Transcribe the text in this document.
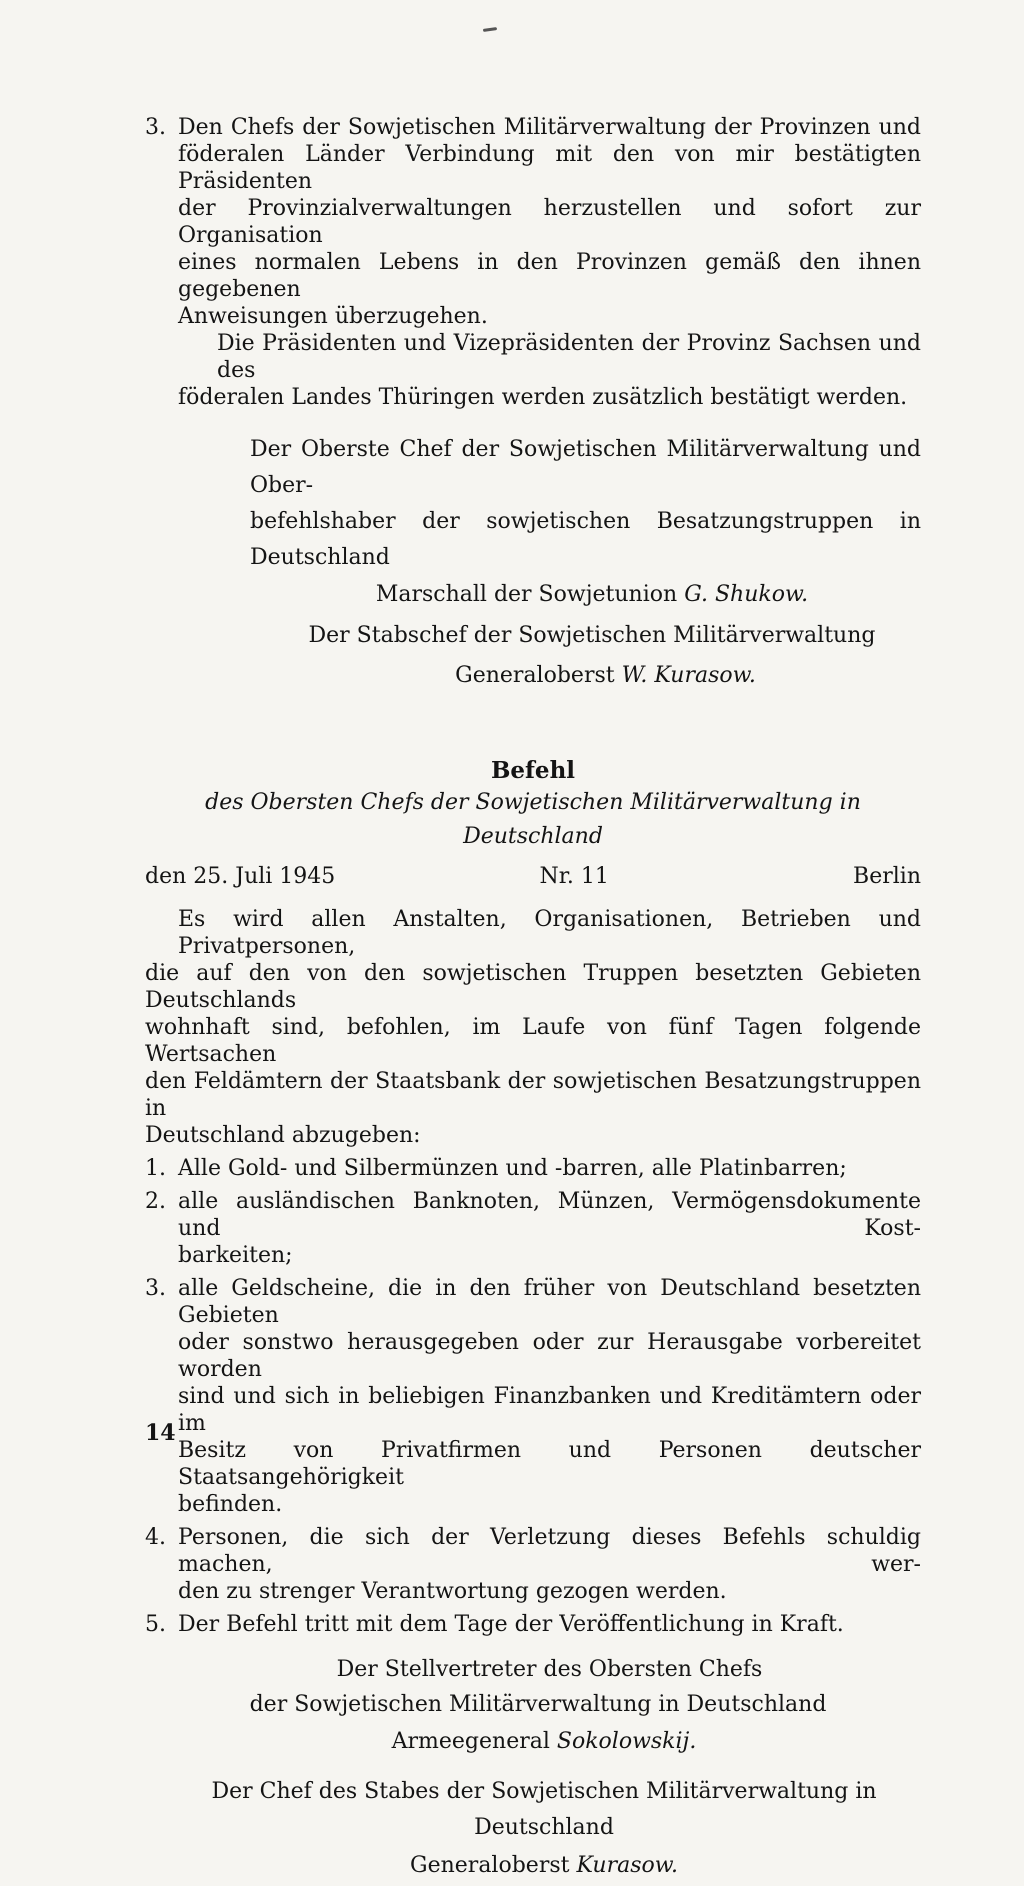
3. Den Chefs der Sowjetischen Militärverwaltung der Provinzen und
föderalen Länder Verbindung mit den von mir bestätigten Präsidenten
der Provinzialverwaltungen herzustellen und sofort zur Organisation
eines normalen Lebens in den Provinzen gemäß den ihnen gegebenen
Anweisungen überzugehen.
Die Präsidenten und Vizepräsidenten der Provinz Sachsen und des
föderalen Landes Thüringen werden zusätzlich bestätigt werden.
Der Oberste Chef der Sowjetischen Militärverwaltung und Ober-
befehlshaber der sowjetischen Besatzungstruppen in Deutschland
Marschall der Sowjetunion G. Shukow.
Der Stabschef der Sowjetischen Militärverwaltung
Generaloberst W. Kurasow.
Befehl
des Obersten Chefs der Sowjetischen Militärverwaltung in Deutschland
den 25. Juli 1945	Nr. 11	Berlin
Es wird allen Anstalten, Organisationen, Betrieben und Privatpersonen,
die auf den von den sowjetischen Truppen besetzten Gebieten Deutschlands
wohnhaft sind, befohlen, im Laufe von fünf Tagen folgende Wertsachen
den Feldämtern der Staatsbank der sowjetischen Besatzungstruppen in
Deutschland abzugeben:
1. Alle Gold- und Silbermünzen und -barren, alle Platinbarren;
2. alle ausländischen Banknoten, Münzen, Vermögensdokumente und Kost-
barkeiten;
3. alle Geldscheine, die in den früher von Deutschland besetzten Gebieten
oder sonstwo herausgegeben oder zur Herausgabe vorbereitet worden
sind und sich in beliebigen Finanzbanken und Kreditämtern oder im
Besitz von Privatfirmen und Personen deutscher Staatsangehörigkeit
befinden.
4. Personen, die sich der Verletzung dieses Befehls schuldig machen, wer-
den zu strenger Verantwortung gezogen werden.
5. Der Befehl tritt mit dem Tage der Veröffentlichung in Kraft.
Der Stellvertreter des Obersten Chefs
der Sowjetischen Militärverwaltung in Deutschland
Armeegeneral Sokolowskij.
Der Chef des Stabes der Sowjetischen Militärverwaltung in Deutschland
Generaloberst Kurasow.
14
